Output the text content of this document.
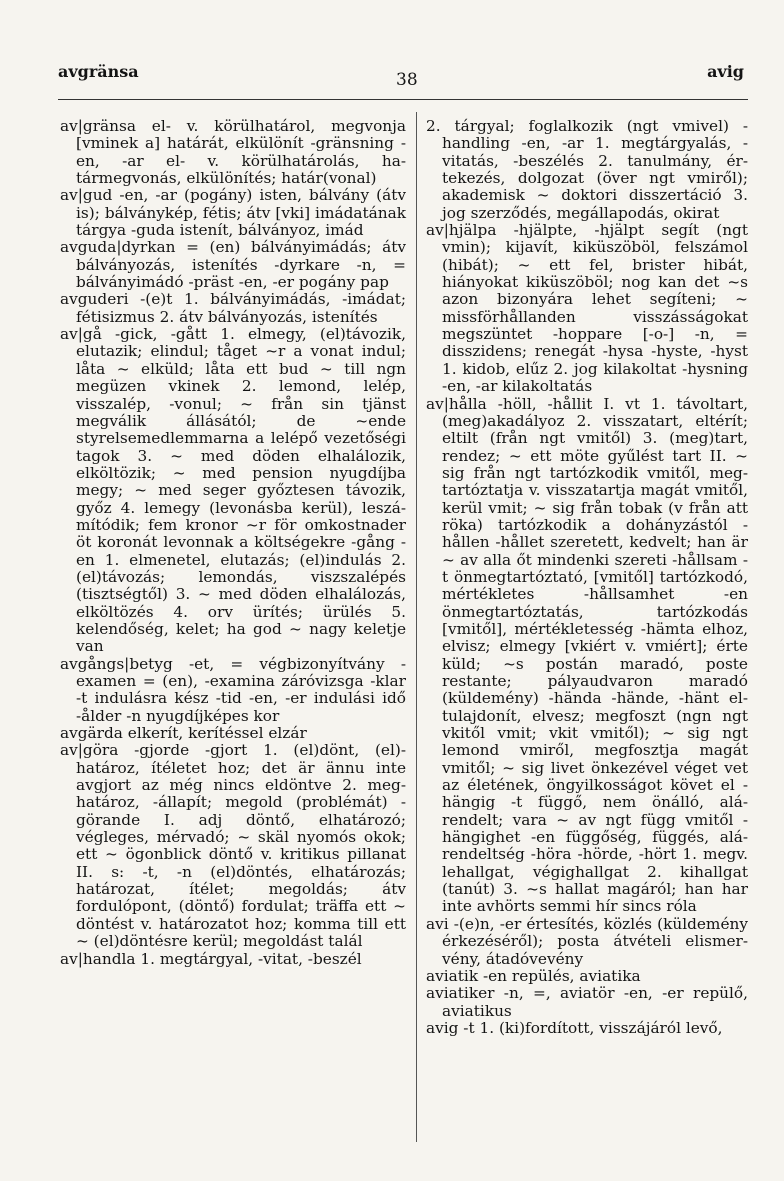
avgränsa	38	avig

av|gränsa el- v. körülhatárol, megvonja [vminek a] határát, elkülönít -gränsning -en, -ar el- v. körülhatárolás, határmegvonás, elkülönítés; határ(vonal)

av|gud -en, -ar (pogány) isten, bálvány (átv is); bálványkép, fétis; átv [vki] imádatának tárgya -guda istenít, bálványoz, imád

avguda|dyrkan = (en) bálványimádás; átv bálványozás, istenítés -dyrkare -n, = bálványimádó -präst -en, -er pogány pap

avguderi -(e)t 1. bálványimádás, -imádat; fétisizmus 2. átv bálványozás, istenítés

av|gå -gick, -gått 1. elmegy, (el)távozik, elutazik; elindul; tåget ~r a vonat indul; låta ~ elküld; låta ett bud ~ till ngn megüzen vkinek 2. lemond, lelép, visszalép, -vonul; ~ från sin tjänst megválik állásától; de ~ende styrelsemedlemmarna a lelépő vezetőségi tagok 3. ~ med döden elhalálozik, elköltözik; ~ med pension nyugdíjba megy; ~ med seger győztesen távozik, győz 4. lemegy (levonásba kerül), leszámítódik; fem kronor ~r för omkostnader öt koronát levonnak a költségekre -gång -en 1. elmenetel, elutazás; (el)indulás 2. (el)távozás; lemondás, viszszalépés (tisztségtől) 3. ~ med döden elhalálozás, elköltözés 4. orv ürítés; ürülés 5. kelendőség, kelet; ha god ~ nagy keletje van

avgångs|betyg -et, = végbizonyítvány -examen = (en), -examina záróvizsga -klar -t indulásra kész -tid -en, -er indulási idő -ålder -n nyugdíjképes kor

avgärda elkerít, kerítéssel elzár

av|göra -gjorde -gjort 1. (el)dönt, (el)határoz, ítéletet hoz; det är ännu inte avgjort az még nincs eldöntve 2. meghatároz, -állapít; megold (problémát) -görande I. adj döntő, elhatározó; végleges, mérvadó; ~ skäl nyomós okok; ett ~ ögonblick döntő v. kritikus pillanat II. s: -t, -n (el)döntés, elhatározás; határozat, ítélet; megoldás; átv fordulópont, (döntő) fordulat; träffa ett ~ döntést v. határozatot hoz; komma till ett ~ (el)döntésre kerül; megoldást talál

av|handla 1. megtárgyal, -vitat, -beszél

2. tárgyal; foglalkozik (ngt vmivel) -handling -en, -ar 1. megtárgyalás, -vitatás, -beszélés 2. tanulmány, értekezés, dolgozat (över ngt vmiről); akademisk ~ doktori disszertáció 3. jog szerződés, megállapodás, okirat

av|hjälpa -hjälpte, -hjälpt segít (ngt vmin); kijavít, kiküszöböl, felszámol (hibát); ~ ett fel, brister hibát, hiányokat kiküszöböl; nog kan det ~s azon bizonyára lehet segíteni; ~ missförhållanden visszásságokat megszüntet -hoppare [-o-] -n, = disszidens; renegát -hysa -hyste, -hyst 1. kidob, elűz 2. jog kilakoltat -hysning -en, -ar kilakoltatás

av|hålla -höll, -hållit I. vt 1. távoltart, (meg)akadályoz 2. visszatart, eltérít; eltilt (från ngt vmitől) 3. (meg)tart, rendez; ~ ett möte gyűlést tart II. ~ sig från ngt tartózkodik vmitől, megtartóztatja v. visszatartja magát vmitől, kerül vmit; ~ sig från tobak (v från att röka) tartózkodik a dohányzástól -hållen -hållet szeretett, kedvelt; han är ~ av alla őt mindenki szereti -hållsam -t önmegtartóztató, [vmitől] tartózkodó, mértékletes -hållsamhet -en önmegtartóztatás, tartózkodás [vmitől], mértékletesség -hämta elhoz, elvisz; elmegy [vkiért v. vmiért]; érte küld; ~s postán maradó, poste restante; pályaudvaron maradó (küldemény) -hända -hände, -hänt eltulajdonít, elvesz; megfoszt (ngn ngt vkitől vmit; vkit vmitől); ~ sig ngt lemond vmiről, megfosztja magát vmitől; ~ sig livet önkezével véget vet az életének, öngyilkosságot követ el -hängig -t függő, nem önálló, alárendelt; vara ~ av ngt függ vmitől -hängighet -en függőség, függés, alárendeltség -höra -hörde, -hört 1. megv. lehallgat, végighallgat 2. kihallgat (tanút) 3. ~s hallat magáról; han har inte avhörts semmi hír sincs róla

avi -(e)n, -er értesítés, közlés (küldemény érkezéséről); posta átvételi elismervény, átadóvevény

aviatik -en repülés, aviatika

aviatiker -n, =, aviatör -en, -er repülő, aviatikus

avig -t 1. (ki)fordított, visszájáról levő,
